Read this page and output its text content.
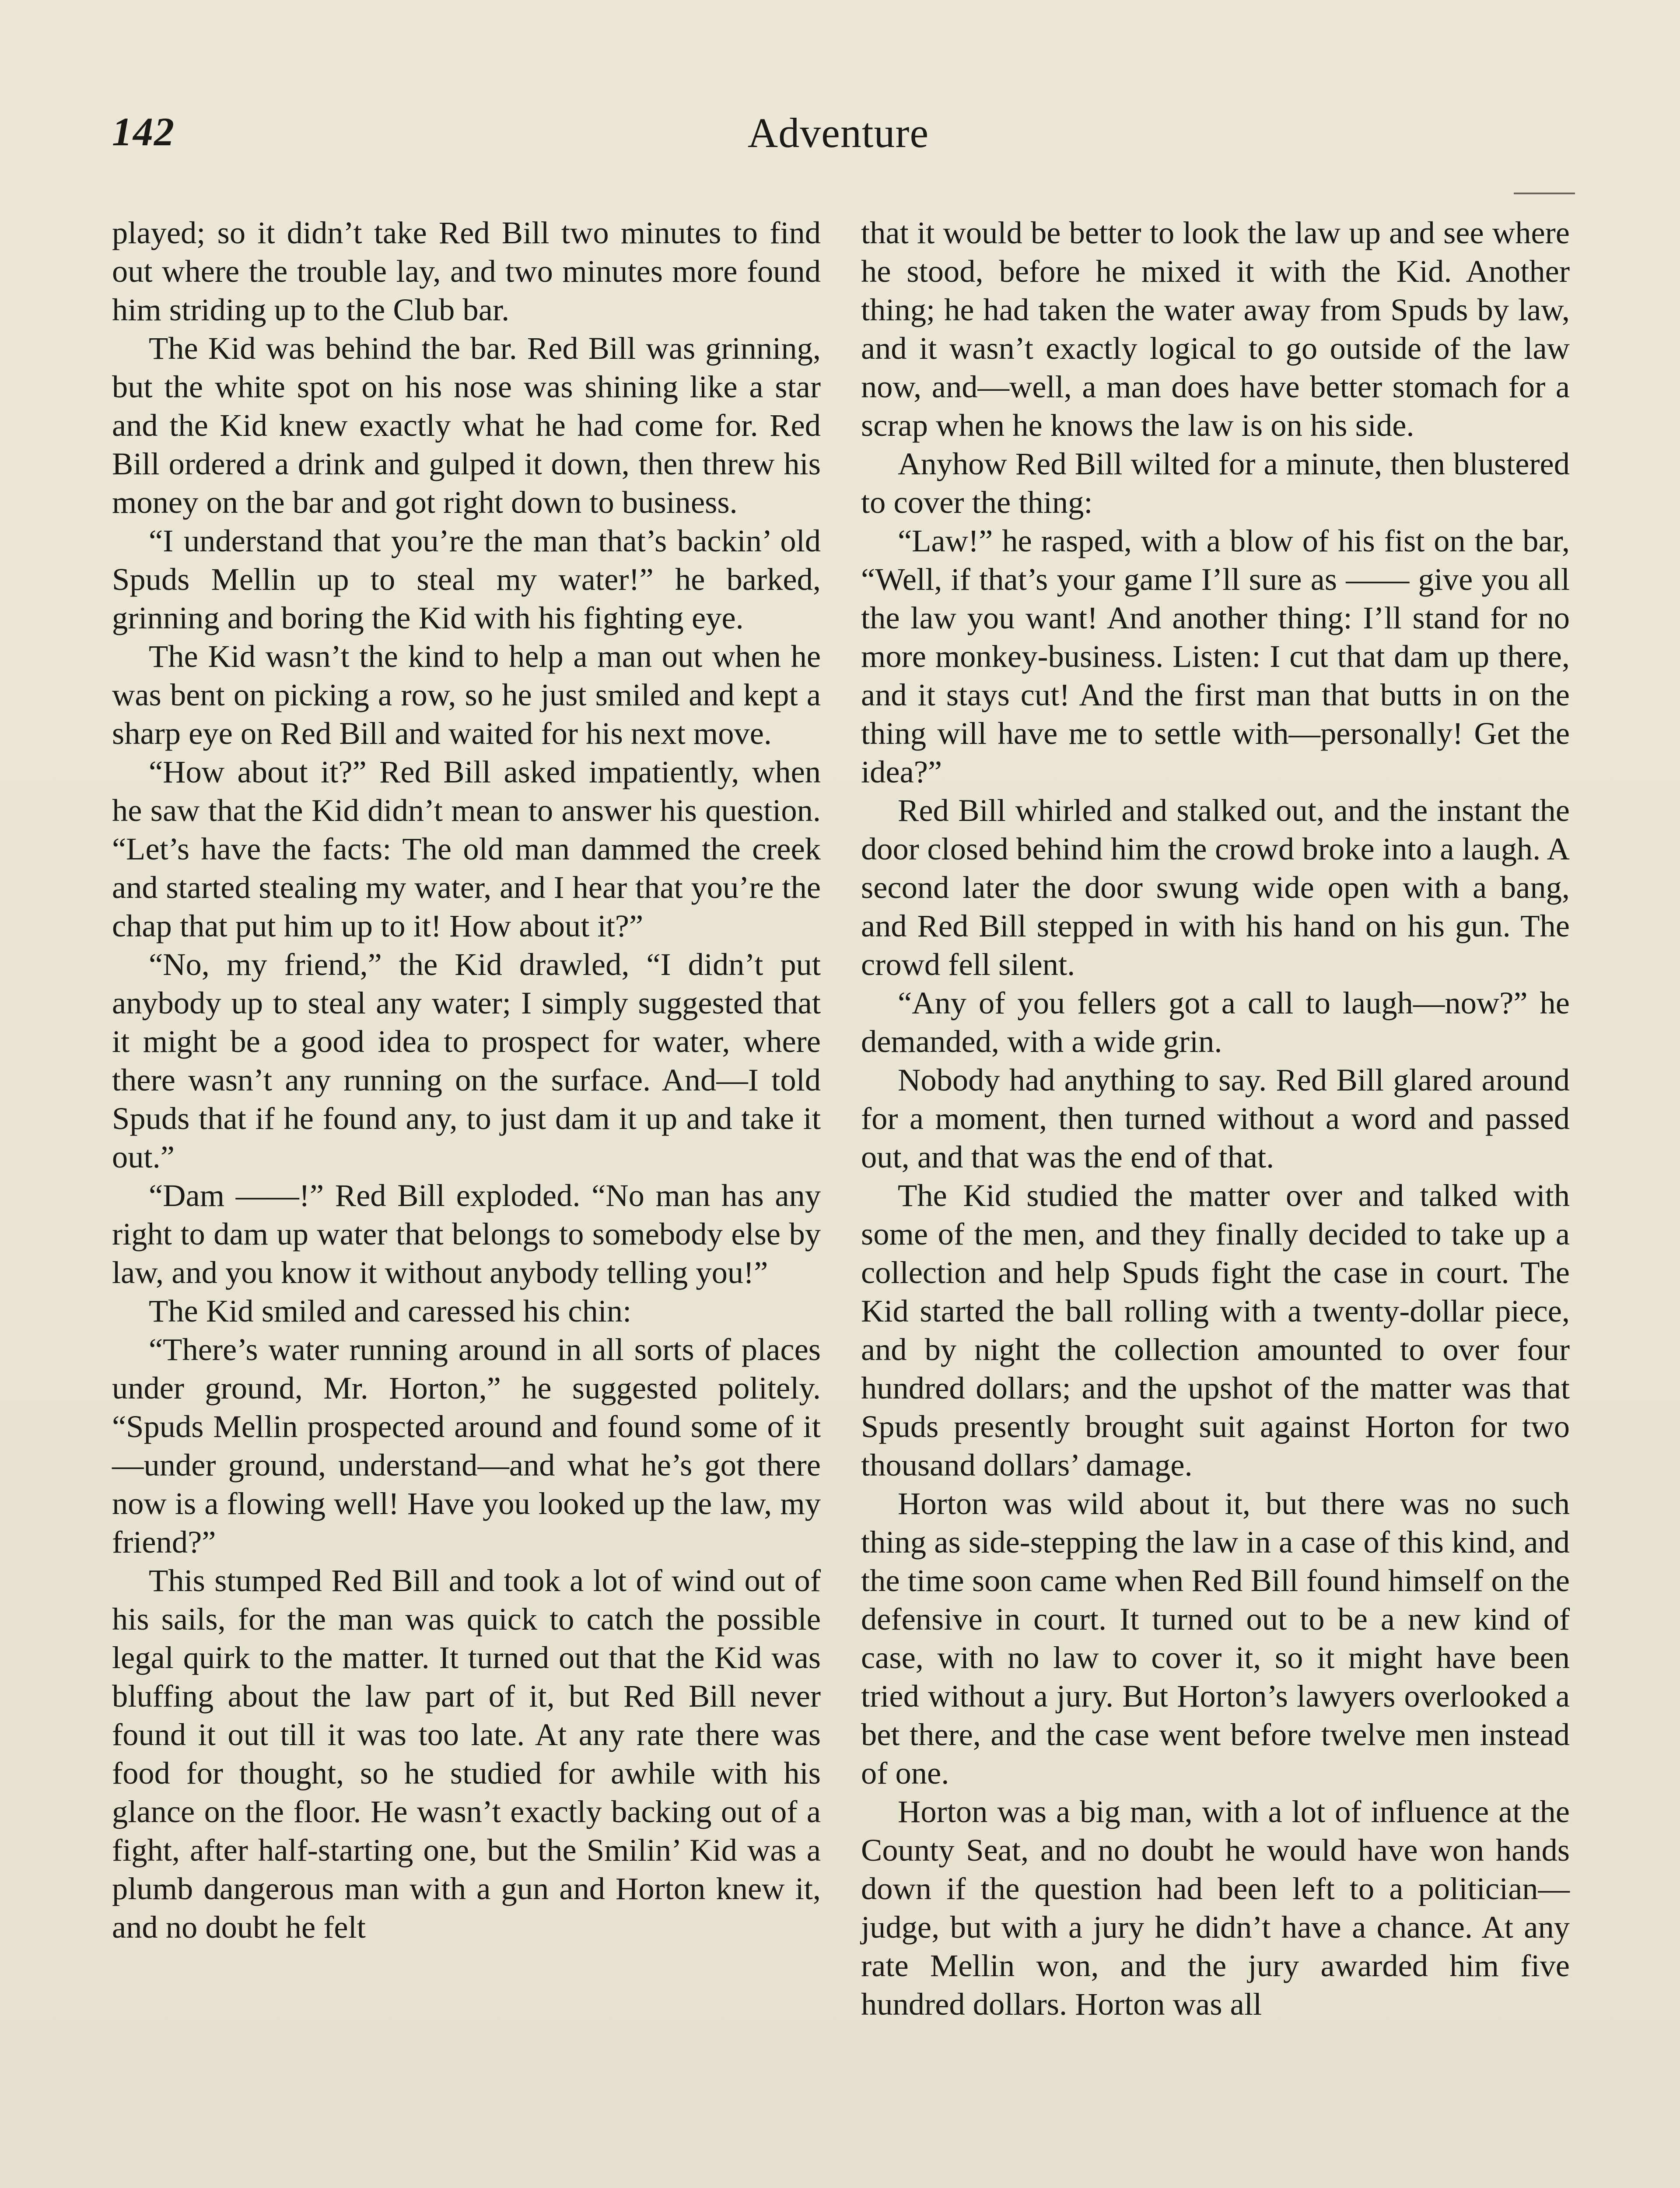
142	Adventure

played; so it didn’t take Red Bill two minutes to find out where the trouble lay, and two minutes more found him striding up to the Club bar.

The Kid was behind the bar. Red Bill was grinning, but the white spot on his nose was shining like a star and the Kid knew exactly what he had come for. Red Bill ordered a drink and gulped it down, then threw his money on the bar and got right down to business.

“I understand that you’re the man that’s backin’ old Spuds Mellin up to steal my water!” he barked, grinning and boring the Kid with his fighting eye.

The Kid wasn’t the kind to help a man out when he was bent on picking a row, so he just smiled and kept a sharp eye on Red Bill and waited for his next move.

“How about it?” Red Bill asked impatiently, when he saw that the Kid didn’t mean to answer his question. “Let’s have the facts: The old man dammed the creek and started stealing my water, and I hear that you’re the chap that put him up to it! How about it?”

“No, my friend,” the Kid drawled, “I didn’t put anybody up to steal any water; I simply suggested that it might be a good idea to prospect for water, where there wasn’t any running on the surface. And—I told Spuds that if he found any, to just dam it up and take it out.”

“Dam ——!” Red Bill exploded. “No man has any right to dam up water that belongs to somebody else by law, and you know it without anybody telling you!”

The Kid smiled and caressed his chin:

“There’s water running around in all sorts of places under ground, Mr. Horton,” he suggested politely. “Spuds Mellin prospected around and found some of it—under ground, understand—and what he’s got there now is a flowing well! Have you looked up the law, my friend?”

This stumped Red Bill and took a lot of wind out of his sails, for the man was quick to catch the possible legal quirk to the matter. It turned out that the Kid was bluffing about the law part of it, but Red Bill never found it out till it was too late. At any rate there was food for thought, so he studied for awhile with his glance on the floor. He wasn’t exactly backing out of a fight, after half-starting one, but the Smilin’ Kid was a plumb dangerous man with a gun and Horton knew it, and no doubt he felt

that it would be better to look the law up and see where he stood, before he mixed it with the Kid. Another thing; he had taken the water away from Spuds by law, and it wasn’t exactly logical to go outside of the law now, and—well, a man does have better stomach for a scrap when he knows the law is on his side.

Anyhow Red Bill wilted for a minute, then blustered to cover the thing:

“Law!” he rasped, with a blow of his fist on the bar, “Well, if that’s your game I’ll sure as —— give you all the law you want! And another thing: I’ll stand for no more monkey-business. Listen: I cut that dam up there, and it stays cut! And the first man that butts in on the thing will have me to settle with—personally! Get the idea?”

Red Bill whirled and stalked out, and the instant the door closed behind him the crowd broke into a laugh. A second later the door swung wide open with a bang, and Red Bill stepped in with his hand on his gun. The crowd fell silent.

“Any of you fellers got a call to laugh—now?” he demanded, with a wide grin.

Nobody had anything to say. Red Bill glared around for a moment, then turned without a word and passed out, and that was the end of that.

The Kid studied the matter over and talked with some of the men, and they finally decided to take up a collection and help Spuds fight the case in court. The Kid started the ball rolling with a twenty-dollar piece, and by night the collection amounted to over four hundred dollars; and the upshot of the matter was that Spuds presently brought suit against Horton for two thousand dollars’ damage.

Horton was wild about it, but there was no such thing as side-stepping the law in a case of this kind, and the time soon came when Red Bill found himself on the defensive in court. It turned out to be a new kind of case, with no law to cover it, so it might have been tried without a jury. But Horton’s lawyers overlooked a bet there, and the case went before twelve men instead of one.

Horton was a big man, with a lot of influence at the County Seat, and no doubt he would have won hands down if the question had been left to a politician—judge, but with a jury he didn’t have a chance. At any rate Mellin won, and the jury awarded him five hundred dollars. Horton was all
